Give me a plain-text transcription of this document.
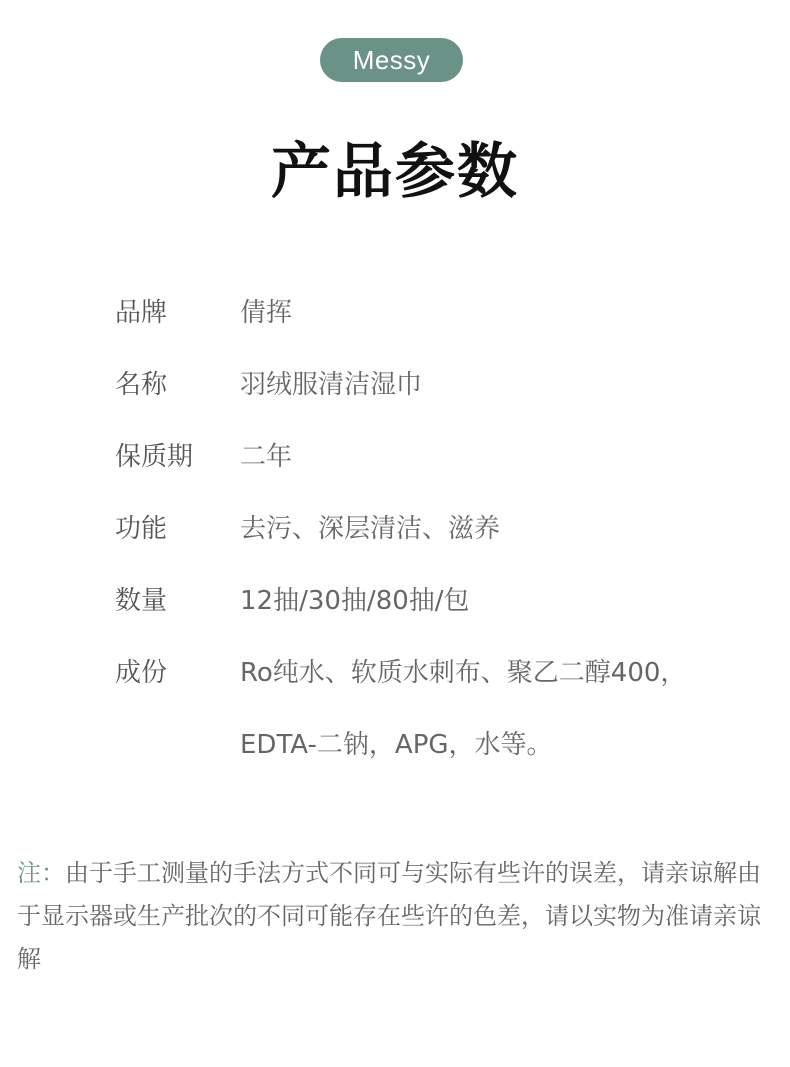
Messy
产品参数
品牌	倩挥
名称	羽绒服清洁湿巾
保质期 二年
功能	去污、深层清洁、滋养
数量	12抽/30抽/80抽/包
成份	Ro纯水、软质水刺布、聚乙二醇400，
EDTA-二钠，APG，水等。
注：由于手工测量的手法方式不同可与实际有些许的误差，请亲谅解由于显示器或生产批次的不同可能存在些许的色差，请以实物为准请亲谅解
